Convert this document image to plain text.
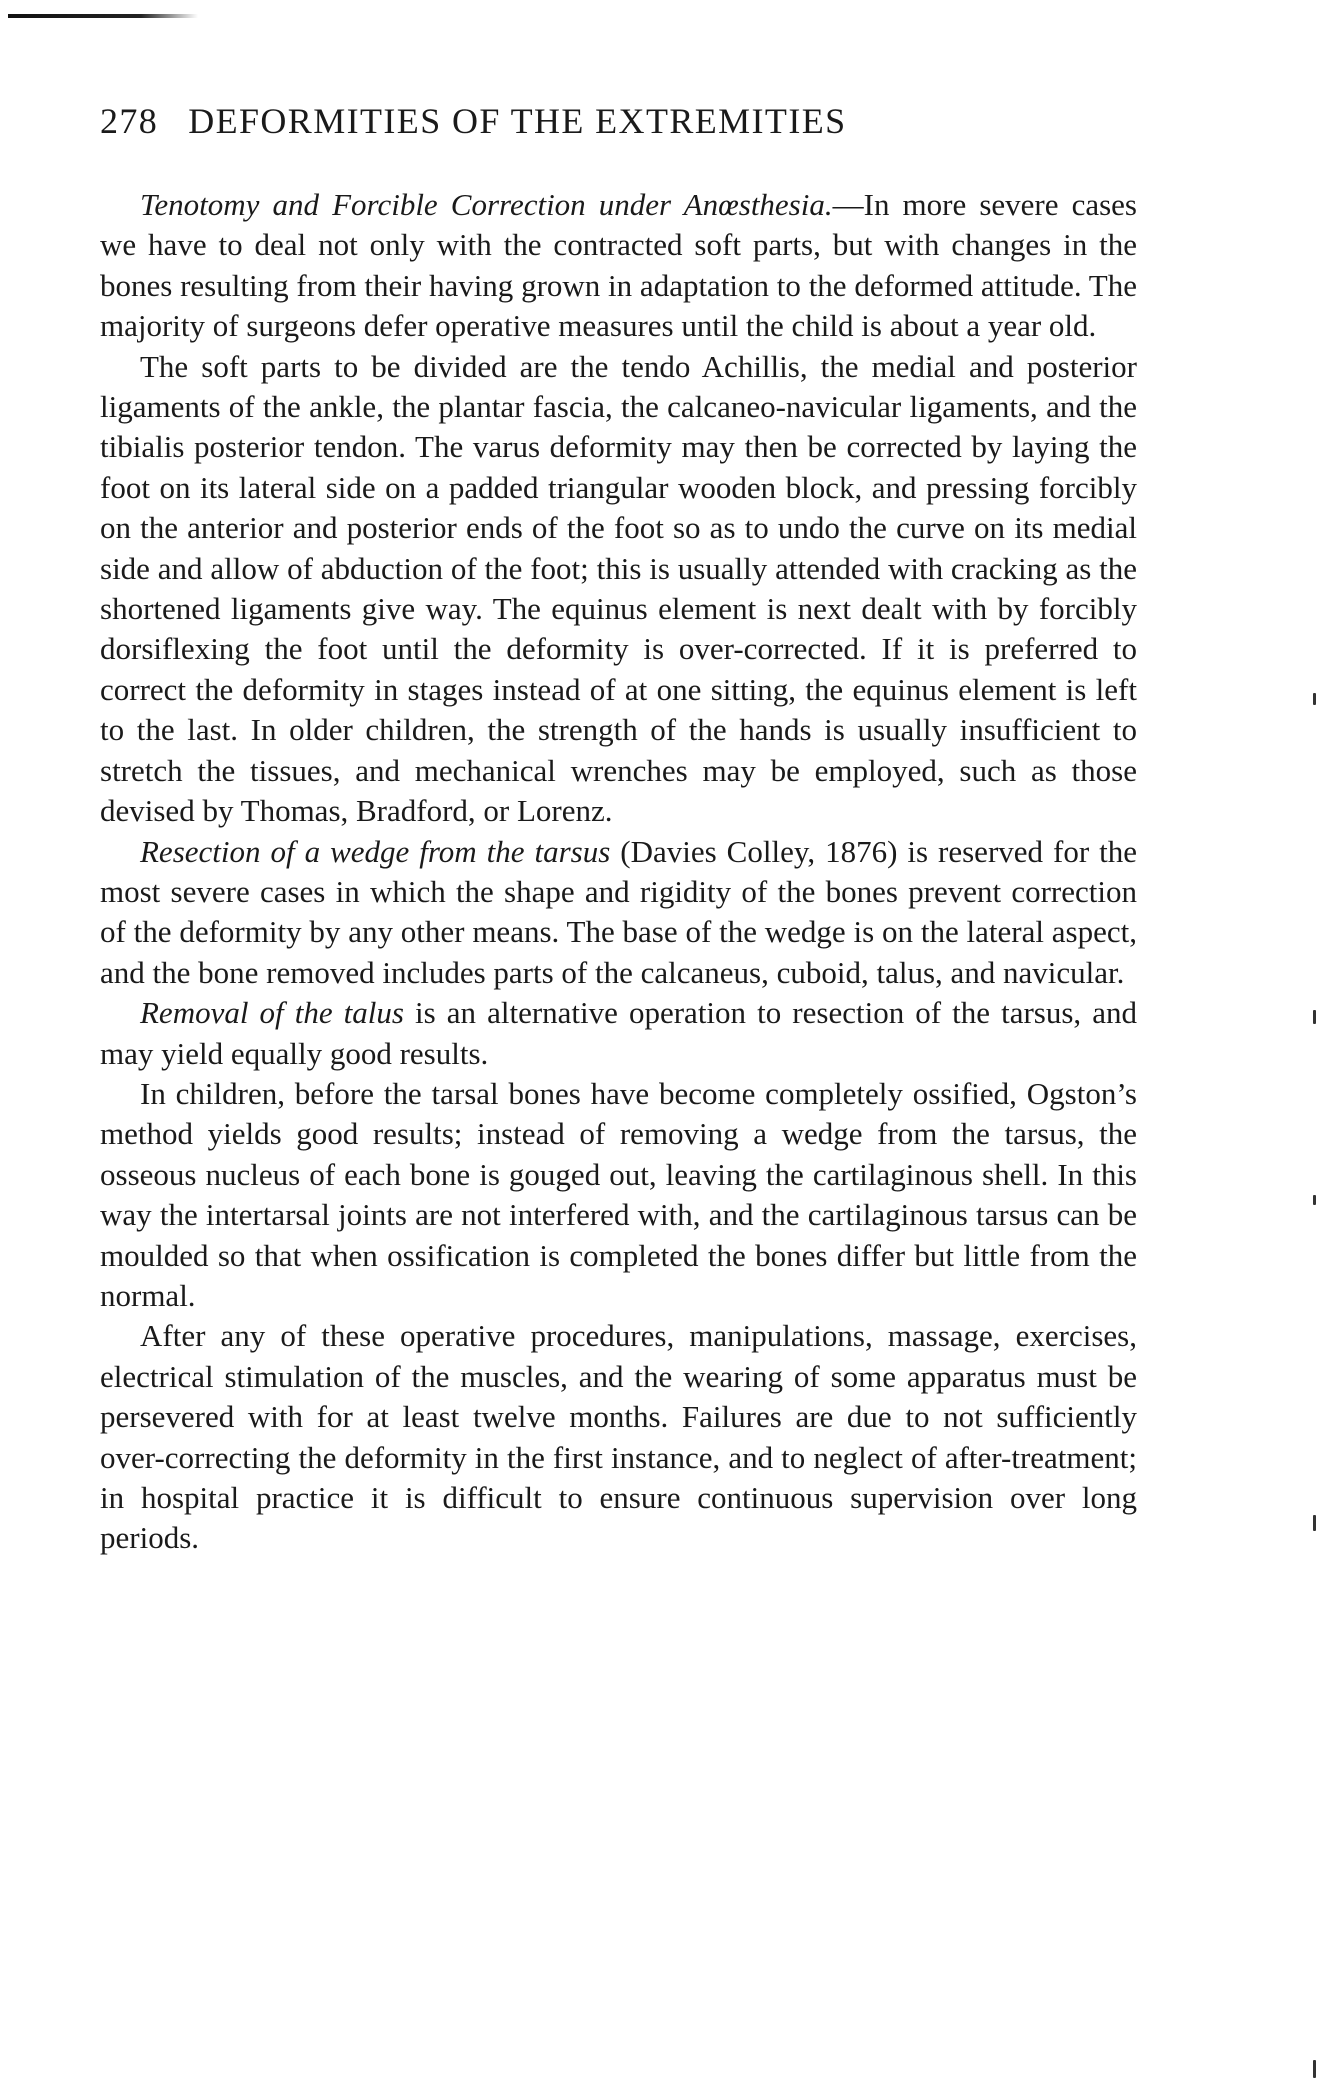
278 DEFORMITIES OF THE EXTREMITIES

Tenotomy and Forcible Correction under Anœsthesia.—In more severe cases we have to deal not only with the contracted soft parts, but with changes in the bones resulting from their having grown in adaptation to the deformed attitude. The majority of surgeons defer operative measures until the child is about a year old.

The soft parts to be divided are the tendo Achillis, the medial and posterior ligaments of the ankle, the plantar fascia, the calcaneo-navicular ligaments, and the tibialis posterior tendon. The varus deformity may then be corrected by laying the foot on its lateral side on a padded triangular wooden block, and pressing forcibly on the anterior and posterior ends of the foot so as to undo the curve on its medial side and allow of abduction of the foot; this is usually attended with cracking as the shortened ligaments give way. The equinus element is next dealt with by forcibly dorsiflexing the foot until the deformity is over-corrected. If it is preferred to correct the deformity in stages instead of at one sitting, the equinus element is left to the last. In older children, the strength of the hands is usually insufficient to stretch the tissues, and mechanical wrenches may be employed, such as those devised by Thomas, Bradford, or Lorenz.

Resection of a wedge from the tarsus (Davies Colley, 1876) is reserved for the most severe cases in which the shape and rigidity of the bones prevent correction of the deformity by any other means. The base of the wedge is on the lateral aspect, and the bone removed includes parts of the calcaneus, cuboid, talus, and navicular.

Removal of the talus is an alternative operation to resection of the tarsus, and may yield equally good results.

In children, before the tarsal bones have become completely ossified, Ogston’s method yields good results; instead of removing a wedge from the tarsus, the osseous nucleus of each bone is gouged out, leaving the cartilaginous shell. In this way the intertarsal joints are not interfered with, and the cartilaginous tarsus can be moulded so that when ossification is completed the bones differ but little from the normal.

After any of these operative procedures, manipulations, massage, exercises, electrical stimulation of the muscles, and the wearing of some apparatus must be persevered with for at least twelve months. Failures are due to not sufficiently over-correcting the deformity in the first instance, and to neglect of after-treatment; in hospital practice it is difficult to ensure continuous supervision over long periods.
